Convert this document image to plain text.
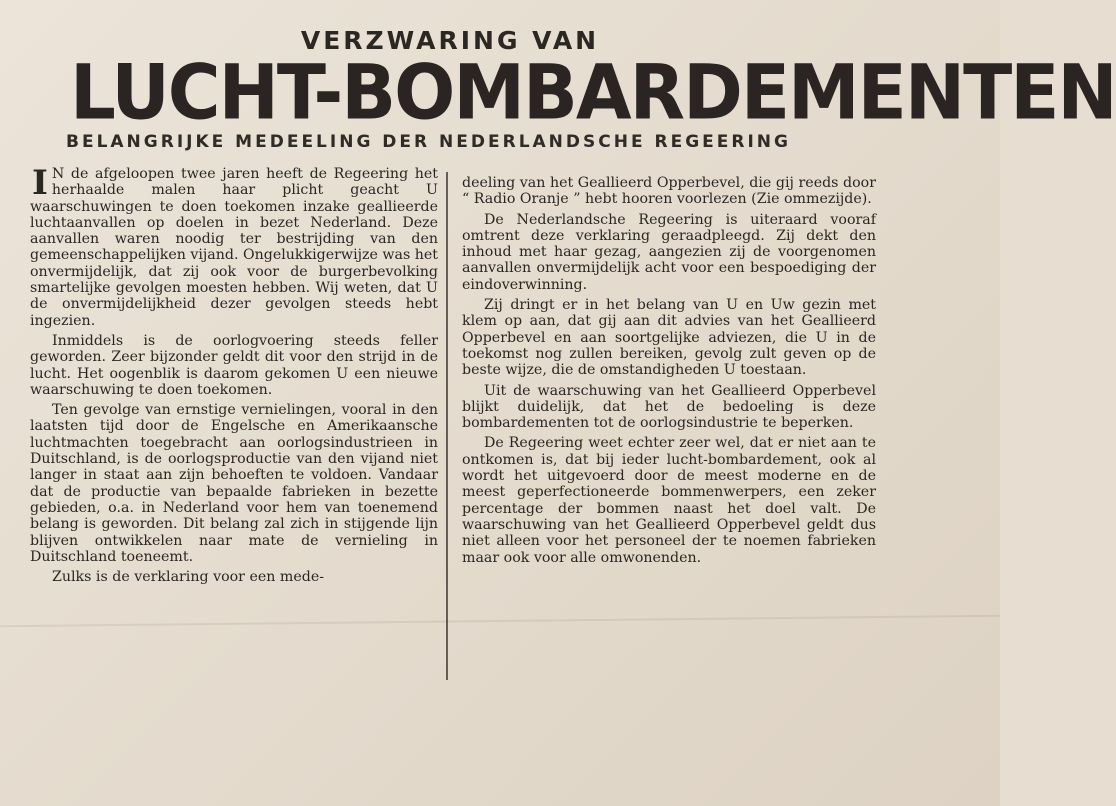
VERZWARING VAN
LUCHT-BOMBARDEMENTEN
BELANGRIJKE MEDEELING DER NEDERLANDSCHE REGEERING

I N de afgeloopen twee jaren heeft de Regeering het herhaalde malen haar plicht geacht U waarschuwingen te doen toekomen inzake geallieerde luchtaanvallen op doelen in bezet Nederland. Deze aanvallen waren noodig ter bestrijding van den gemeenschappelijken vijand. Ongelukkigerwijze was het onvermijdelijk, dat zij ook voor de burgerbevolking smartelijke gevolgen moesten hebben. Wij weten, dat U de onvermijdelijkheid dezer gevolgen steeds hebt ingezien.

Inmiddels is de oorlogvoering steeds feller geworden. Zeer bijzonder geldt dit voor den strijd in de lucht. Het oogenblik is daarom gekomen U een nieuwe waarschuwing te doen toekomen.

Ten gevolge van ernstige vernielingen, vooral in den laatsten tijd door de Engelsche en Amerikaansche luchtmachten toegebracht aan oorlogsindustrieen in Duitschland, is de oorlogsproductie van den vijand niet langer in staat aan zijn behoeften te voldoen. Vandaar dat de productie van bepaalde fabrieken in bezette gebieden, o.a. in Nederland voor hem van toenemend belang is geworden. Dit belang zal zich in stijgende lijn blijven ontwikkelen naar mate de vernieling in Duitschland toeneemt.

Zulks is de verklaring voor een mede-

deeling van het Geallieerd Opperbevel, die gij reeds door “ Radio Oranje ” hebt hooren voorlezen (Zie ommezijde).

De Nederlandsche Regeering is uiteraard vooraf omtrent deze verklaring geraadpleegd. Zij dekt den inhoud met haar gezag, aangezien zij de voorgenomen aanvallen onvermijdelijk acht voor een bespoediging der eindoverwinning.

Zij dringt er in het belang van U en Uw gezin met klem op aan, dat gij aan dit advies van het Geallieerd Opperbevel en aan soortgelijke adviezen, die U in de toekomst nog zullen bereiken, gevolg zult geven op de beste wijze, die de omstandigheden U toestaan.

Uit de waarschuwing van het Geallieerd Opperbevel blijkt duidelijk, dat het de bedoeling is deze bombardementen tot de oorlogsindustrie te beperken.

De Regeering weet echter zeer wel, dat er niet aan te ontkomen is, dat bij ieder lucht-bombardement, ook al wordt het uitgevoerd door de meest moderne en de meest geperfectioneerde bommenwerpers, een zeker percentage der bommen naast het doel valt. De waarschuwing van het Geallieerd Opperbevel geldt dus niet alleen voor het personeel der te noemen fabrieken maar ook voor alle omwonenden.
